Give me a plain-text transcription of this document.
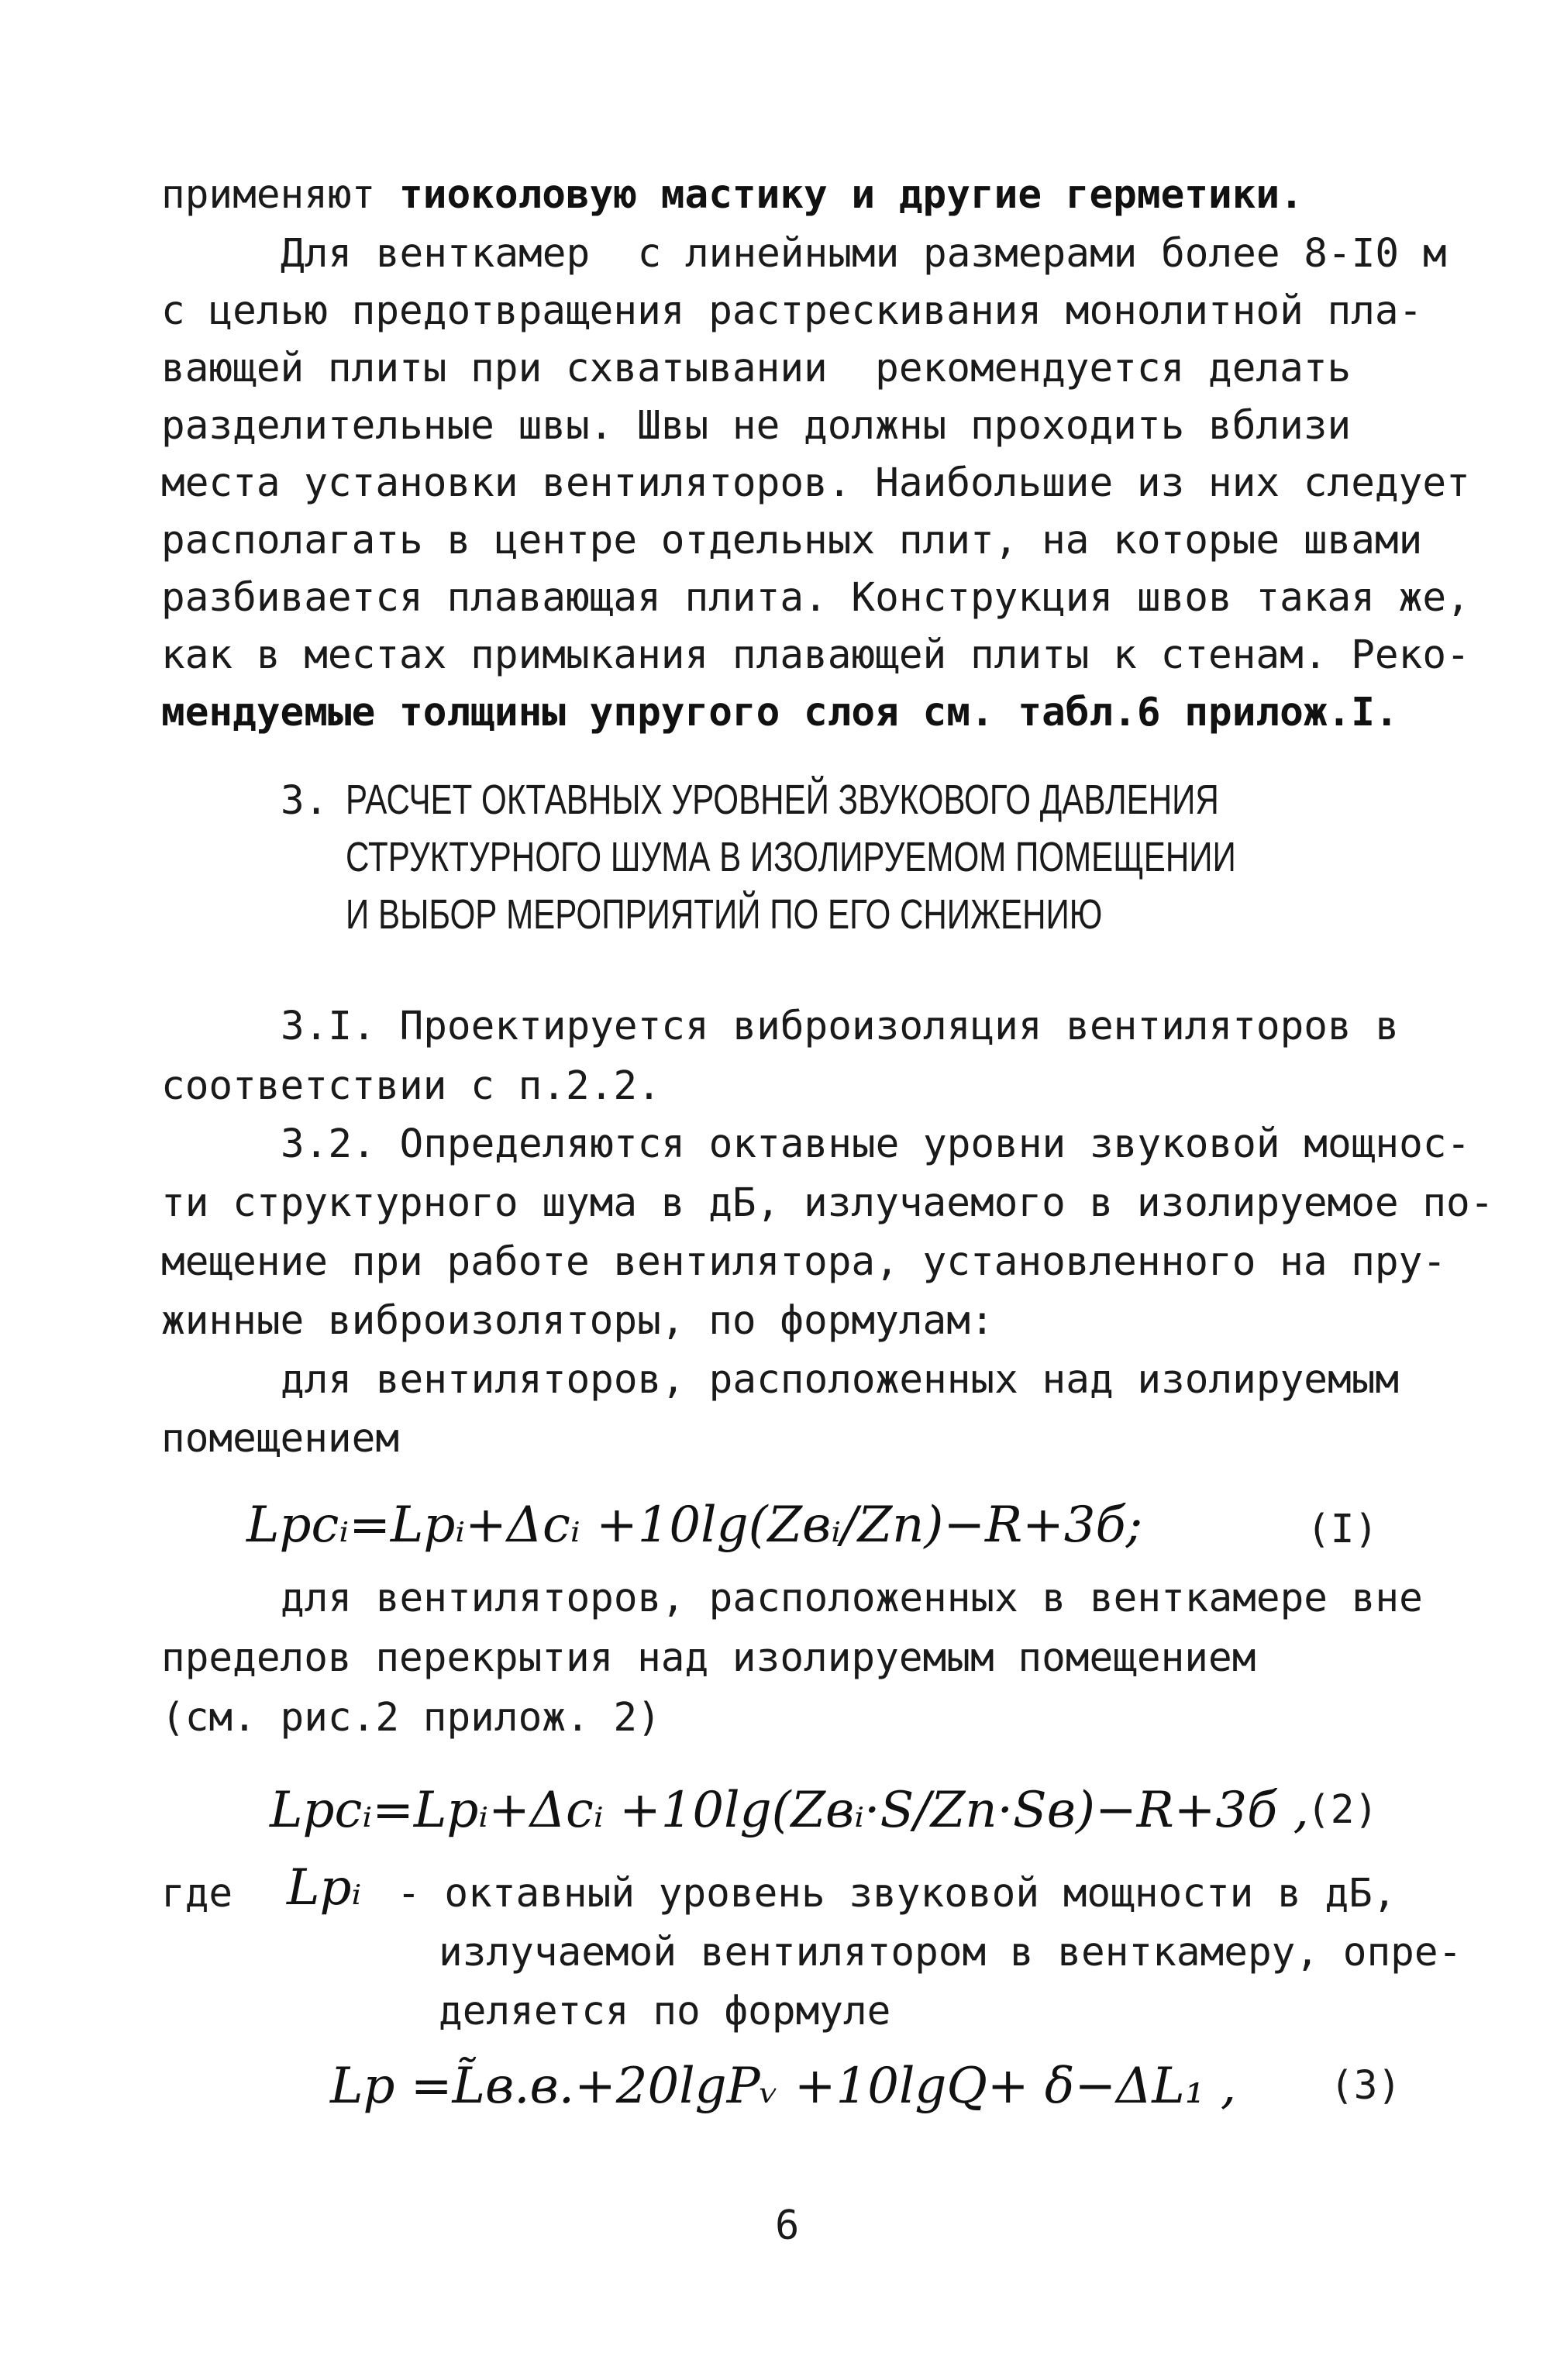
применяют тиоколовую мастику и другие герметики.
Для венткамер  с линейными размерами более 8-I0 м
с целью предотвращения растрескивания монолитной пла-
вающей плиты при схватывании  рекомендуется делать
разделительные швы. Швы не должны проходить вблизи
места установки вентиляторов. Наибольшие из них следует
располагать в центре отдельных плит, на которые швами
разбивается плавающая плита. Конструкция швов такая же,
как в местах примыкания плавающей плиты к стенам. Реко-
мендуемые толщины упругого слоя см. табл.6 прилож.I.
3. РАСЧЕТ ОКТАВНЫХ УРОВНЕЙ ЗВУКОВОГО ДАВЛЕНИЯ
СТРУКТУРНОГО ШУМА В ИЗОЛИРУЕМОМ ПОМЕЩЕНИИ
И ВЫБОР МЕРОПРИЯТИЙ ПО ЕГО СНИЖЕНИЮ
3.I. Проектируется виброизоляция вентиляторов в
соответствии с п.2.2.
3.2. Определяются октавные уровни звуковой мощнос-
ти структурного шума в дБ, излучаемого в изолируемое по-
мещение при работе вентилятора, установленного на пру-
жинные виброизоляторы, по формулам:
для вентиляторов, расположенных над изолируемым
помещением
Lpcᵢ=Lpᵢ+Δcᵢ +10lg(Zвᵢ/Zп)−R+3б;	(I)
для вентиляторов, расположенных в венткамере вне
пределов перекрытия над изолируемым помещением
(см. рис.2 прилож. 2)
Lpcᵢ=Lpᵢ+Δcᵢ +10lg(Zвᵢ·S/Zп·Sв)−R+3б ,
(2)
где Lpᵢ - октавный уровень звуковой мощности в дБ,
излучаемой вентилятором в венткамеру, опре-
деляется по формуле
Lp =L̃в.в.+20lgPᵥ +10lgQ+ δ−ΔL₁ , (3)
6
